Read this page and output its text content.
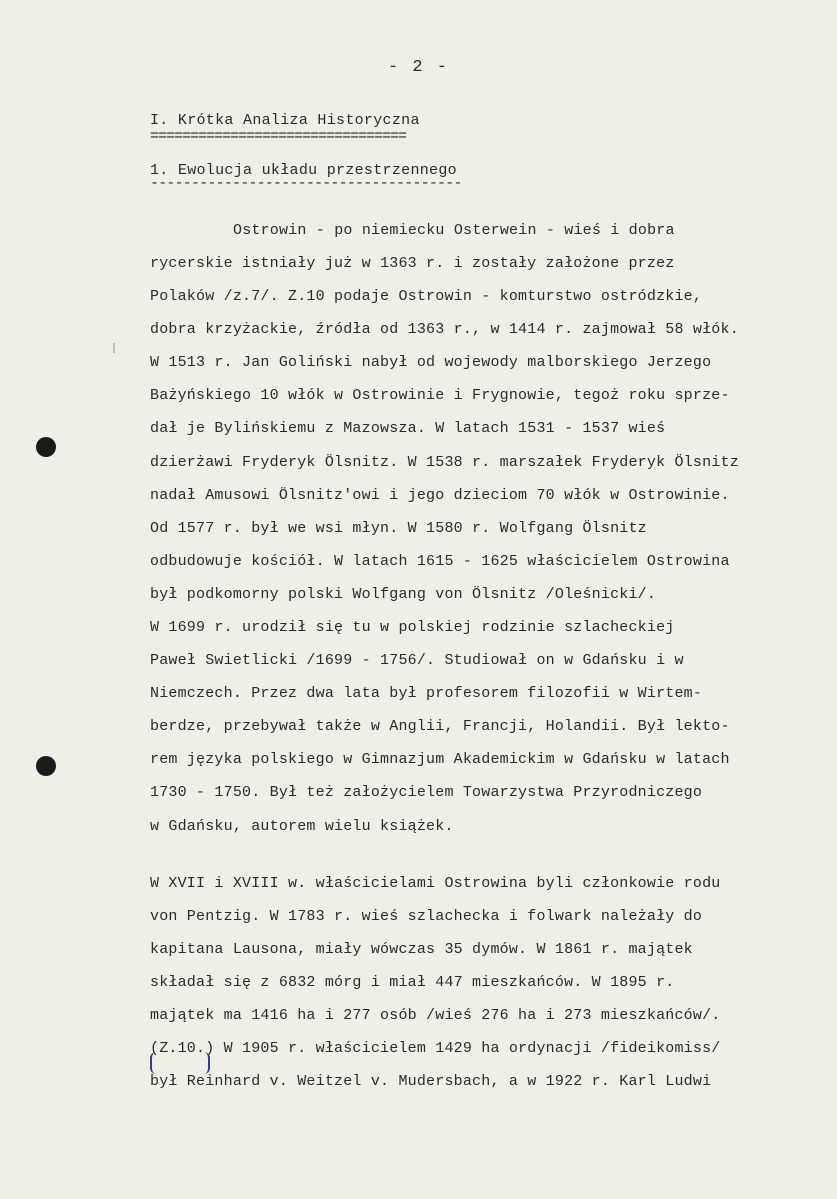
- 2 -
I. Krótka Analiza Historyczna
================================
1. Ewolucja układu przestrzennego
--------------------------------------
Ostrowin - po niemiecku Osterwein - wieś i dobra
rycerskie istniały już w 1363 r. i zostały założone przez
Polaków /z.7/. Z.10 podaje Ostrowin - komturstwo ostródzkie,
dobra krzyżackie, źródła od 1363 r., w 1414 r. zajmował 58 włók.
W 1513 r. Jan Goliński nabył od wojewody malborskiego Jerzego
Bażyńskiego 10 włók w Ostrowinie i Frygnowie, tegoż roku sprze-
dał je Bylińskiemu z Mazowsza. W latach 1531 - 1537 wieś
dzierżawi Fryderyk Ölsnitz. W 1538 r. marszałek Fryderyk Ölsnitz
nadał Amusowi Ölsnitz'owi i jego dzieciom 70 włók w Ostrowinie.
Od 1577 r. był we wsi młyn. W 1580 r. Wolfgang Ölsnitz
odbudowuje kościół. W latach 1615 - 1625 właścicielem Ostrowina
był podkomorny polski Wolfgang von Ölsnitz /Oleśnicki/.
W 1699 r. urodził się tu w polskiej rodzinie szlacheckiej
Paweł Swietlicki /1699 - 1756/. Studiował on w Gdańsku i w
Niemczech. Przez dwa lata był profesorem filozofii w Wirtem-
berdze, przebywał także w Anglii, Francji, Holandii. Był lekto-
rem języka polskiego w Gimnazjum Akademickim w Gdańsku w latach
1730 - 1750. Był też założycielem Towarzystwa Przyrodniczego
w Gdańsku, autorem wielu książek.
W XVII i XVIII w. właścicielami Ostrowina byli członkowie rodu
von Pentzig. W 1783 r. wieś szlachecka i folwark należały do
kapitana Lausona, miały wówczas 35 dymów. W 1861 r. majątek
składał się z 6832 mórg i miał 447 mieszkańców. W 1895 r.
majątek ma 1416 ha i 277 osób /wieś 276 ha i 273 mieszkańców/.
(Z.10.) W 1905 r. właścicielem 1429 ha ordynacji /fideikomiss/
był Reinhard v. Weitzel v. Mudersbach, a w 1922 r. Karl Ludwi
